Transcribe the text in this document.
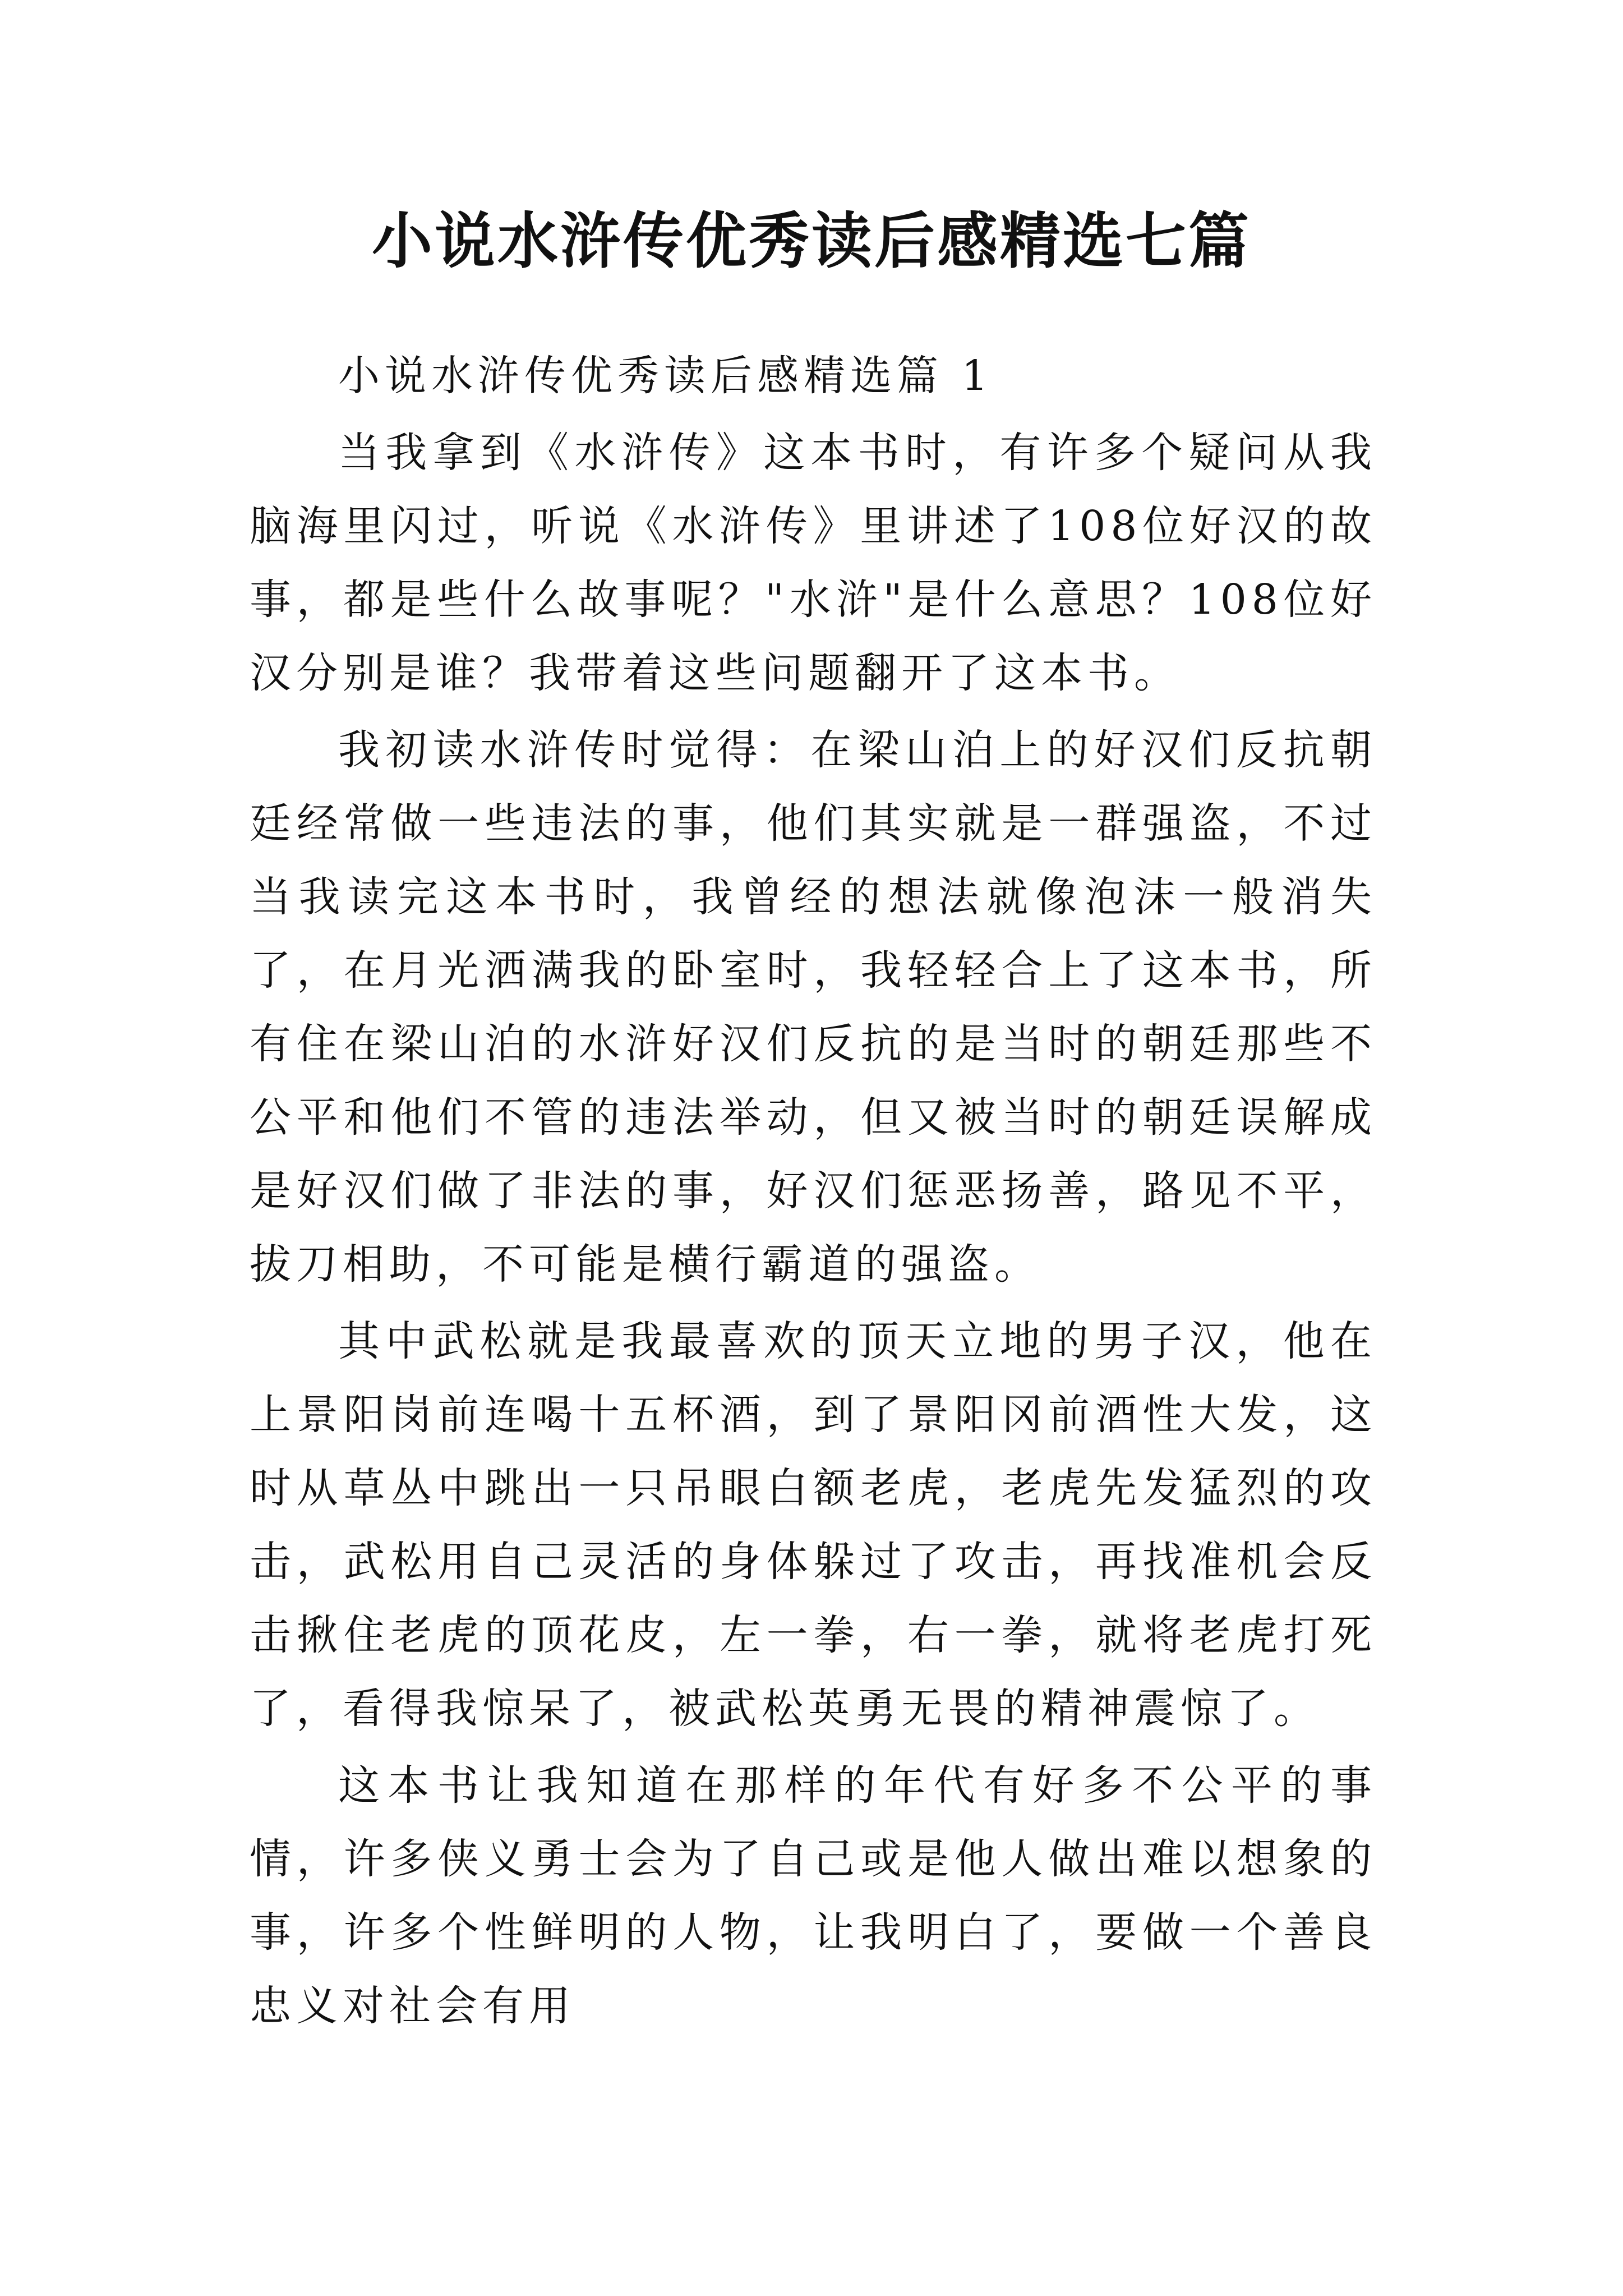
小说水浒传优秀读后感精选七篇

小说水浒传优秀读后感精选篇 1

当我拿到《水浒传》这本书时，有许多个疑问从我脑海里闪过，听说《水浒传》里讲述了108位好汉的故事，都是些什么故事呢？"水浒"是什么意思？108位好汉分别是谁？我带着这些问题翻开了这本书。

我初读水浒传时觉得：在梁山泊上的好汉们反抗朝廷经常做一些违法的事，他们其实就是一群强盗，不过当我读完这本书时，我曾经的想法就像泡沫一般消失了，在月光洒满我的卧室时，我轻轻合上了这本书，所有住在梁山泊的水浒好汉们反抗的是当时的朝廷那些不公平和他们不管的违法举动，但又被当时的朝廷误解成是好汉们做了非法的事，好汉们惩恶扬善，路见不平，拔刀相助，不可能是横行霸道的强盗。

其中武松就是我最喜欢的顶天立地的男子汉，他在上景阳岗前连喝十五杯酒，到了景阳冈前酒性大发，这时从草丛中跳出一只吊眼白额老虎，老虎先发猛烈的攻击，武松用自己灵活的身体躲过了攻击，再找准机会反击揪住老虎的顶花皮，左一拳，右一拳，就将老虎打死了，看得我惊呆了，被武松英勇无畏的精神震惊了。

这本书让我知道在那样的年代有好多不公平的事情，许多侠义勇士会为了自己或是他人做出难以想象的事，许多个性鲜明的人物，让我明白了，要做一个善良忠义对社会有用
